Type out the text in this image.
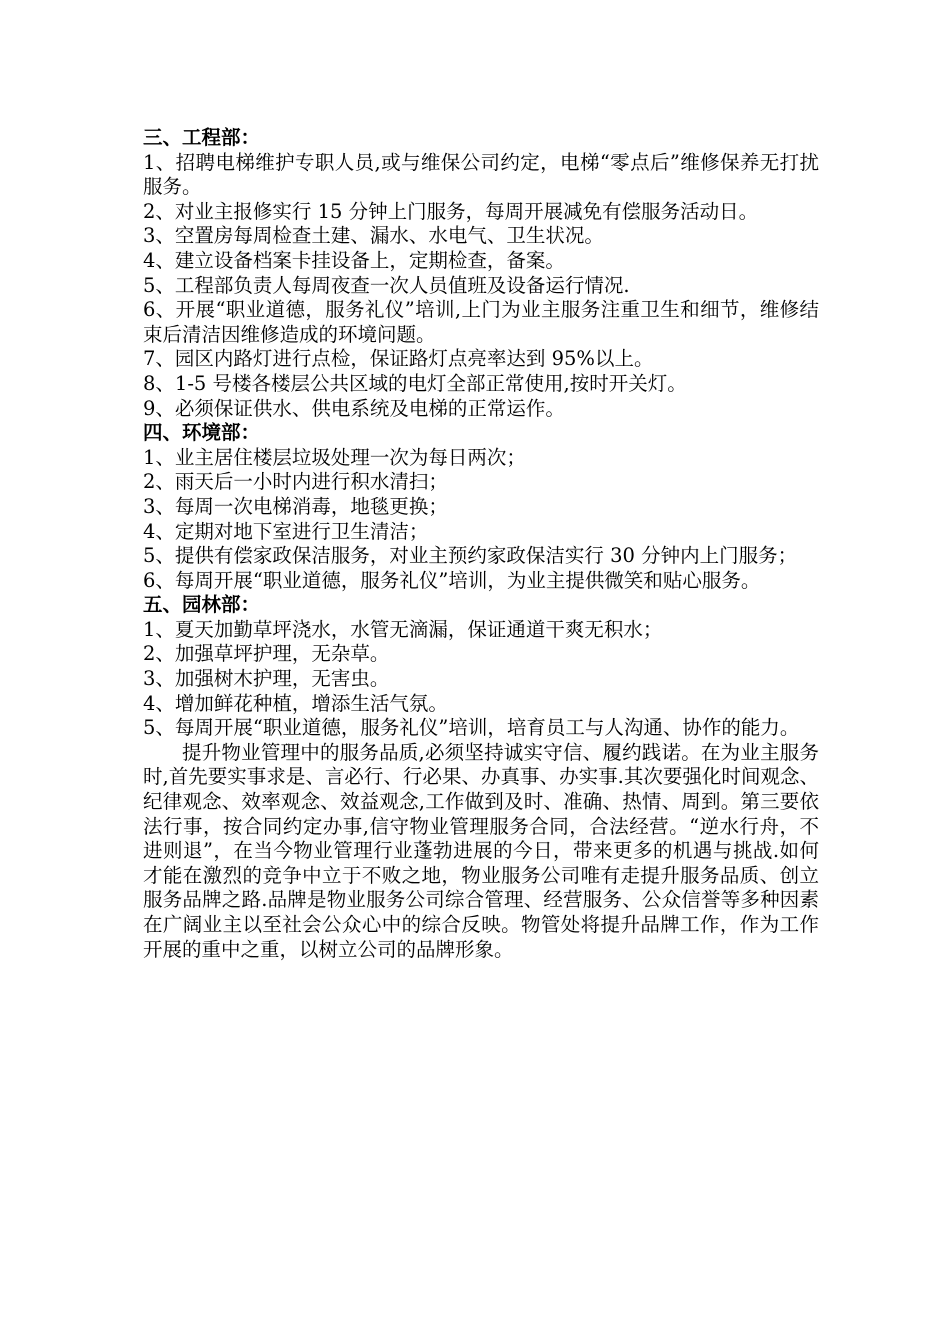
三、工程部：

1、招聘电梯维护专职人员,或与维保公司约定，电梯“零点后”维修保养无打扰服务。

2、对业主报修实行 15 分钟上门服务，每周开展减免有偿服务活动日。

3、空置房每周检查土建、漏水、水电气、卫生状况。

4、建立设备档案卡挂设备上，定期检查，备案。

5、工程部负责人每周夜查一次人员值班及设备运行情况.

6、开展“职业道德，服务礼仪”培训,上门为业主服务注重卫生和细节，维修结束后清洁因维修造成的环境问题。

7、园区内路灯进行点检，保证路灯点亮率达到 95%以上。

8、1-5 号楼各楼层公共区域的电灯全部正常使用,按时开关灯。

9、必须保证供水、供电系统及电梯的正常运作。

四、环境部：

1、业主居住楼层垃圾处理一次为每日两次；

2、雨天后一小时内进行积水清扫；

3、每周一次电梯消毒，地毯更换；

4、定期对地下室进行卫生清洁；

5、提供有偿家政保洁服务，对业主预约家政保洁实行 30 分钟内上门服务；

6、每周开展“职业道德，服务礼仪”培训，为业主提供微笑和贴心服务。

五、园林部：

1、夏天加勤草坪浇水，水管无滴漏，保证通道干爽无积水；

2、加强草坪护理，无杂草。

3、加强树木护理，无害虫。

4、增加鲜花种植，增添生活气氛。

5、每周开展“职业道德，服务礼仪”培训，培育员工与人沟通、协作的能力。

提升物业管理中的服务品质,必须坚持诚实守信、履约践诺。在为业主服务时,首先要实事求是、言必行、行必果、办真事、办实事.其次要强化时间观念、纪律观念、效率观念、效益观念,工作做到及时、准确、热情、周到。第三要依法行事，按合同约定办事,信守物业管理服务合同，合法经营。“逆水行舟，不进则退”，在当今物业管理行业蓬勃进展的今日，带来更多的机遇与挑战.如何才能在激烈的竞争中立于不败之地，物业服务公司唯有走提升服务品质、创立服务品牌之路.品牌是物业服务公司综合管理、经营服务、公众信誉等多种因素在广阔业主以至社会公众心中的综合反映。物管处将提升品牌工作，作为工作开展的重中之重，以树立公司的品牌形象。
